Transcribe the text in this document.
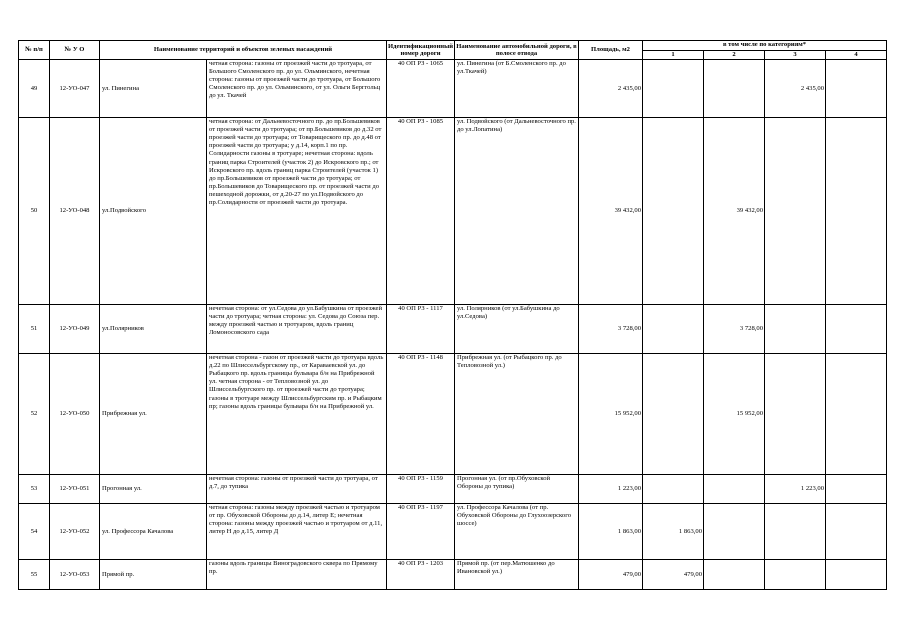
№ п/п	№ У О	Наименование территорий и объектов зеленых насаждений		Идентификационный номер дороги	Наименование автомобильной дороги, в полосе отвода	Площадь, м2	в том числе по категориям*			
							1	2	3	4
49	12-УО-047	ул. Пинегина	четная сторона: газоны от проезжей части до тротуара, от Большого Смоленского пр. до ул. Ольминского, нечетная сторона: газоны от проезжей части до тротуара, от Большого Смоленского пр. до ул. Ольминского, от ул. Ольги Берггольц до ул. Ткачей	40 ОП РЗ - 1065	ул. Пинегина (от Б.Смоленского пр. до ул.Ткачей)	2 435,00			2 435,00	
50	12-УО-048	ул.Подвойского	четная сторона: от Дальневосточного пр. до пр.Большевиков от проезжей части до тротуара; от пр.Большевиков до д.32 от проезжей части до тротуара; от Товарищеского пр. до д.48 от проезжей части до тротуара; у д.14, корп.1 по пр. Солидарности газоны в тротуаре; нечетная сторона: вдоль границ парка Строителей (участок 2) до Искровского пр.; от Искровского пр. вдоль границ парка Строителей (участок 1) до пр.Большевиков от проезжей части до тротуара; от пр.Большевиков до Товарищеского пр. от проезжей части до пешеходной дорожки, от д.20-27 по ул.Подвойского до пр.Солидарности от проезжей части до тротуара.	40 ОП РЗ - 1085	ул. Подвойского (от Дальневосточного пр. до ул.Лопатина)	39 432,00		39 432,00		
51	12-УО-049	ул.Полярников	нечетная сторона: от ул.Седова до ул.Бабушкина от проезжей части до тротуара; четная сторона: ул. Седова до Союза пер. между проезжей частью и тротуаром, вдоль границ Ломоносовского сада	40 ОП РЗ - 1117	ул. Полярников (от ул.Бабушкина до ул.Седова)	3 728,00		3 728,00		
52	12-УО-050	Прибрежная ул.	нечетная сторона - газон от проезжей части до тротуара вдоль д.22 по Шлиссельбургскому пр., от Караваевской ул. до Рыбацкого пр. вдоль границы бульвара б/н на Прибрежной ул. четная сторона - от Тепловозной ул. до Шлиссельбургского пр. от проезжей части до тротуара; газоны в тротуаре между Шлиссельбургским пр. и Рыбацким пр; газоны вдоль границы бульвара б/н на Прибрежной ул.	40 ОП РЗ - 1148	Прибрежная ул. (от Рыбацкого пр. до Тепловозной ул.)	15 952,00		15 952,00		
53	12-УО-051	Прогонная ул.	нечетная сторона: газоны от проезжей части до тротуара, от д.7, до тупика	40 ОП РЗ - 1159	Прогонная ул. (от пр.Обуховской Обороны до тупика)	1 223,00			1 223,00	
54	12-УО-052	ул. Профессора Качалова	четная сторона: газоны между проезжей частью и тротуаром от пр. Обуховской Обороны до д.14, литер Е; нечетная сторона: газоны между проезжей частью и тротуаром от д.11, литер Н до д.15, литер Д	40 ОП РЗ - 1197	ул. Профессора Качалова (от пр. Обуховской Обороны до Глухоозерского шоссе)	1 863,00	1 863,00			
55	12-УО-053	Прямой пр.	газоны вдоль границы Виноградовского сквера по Прямому пр.	40 ОП РЗ - 1203	Прямой пр. (от пер.Матюшенко до Ивановской ул.)	479,00	479,00			
